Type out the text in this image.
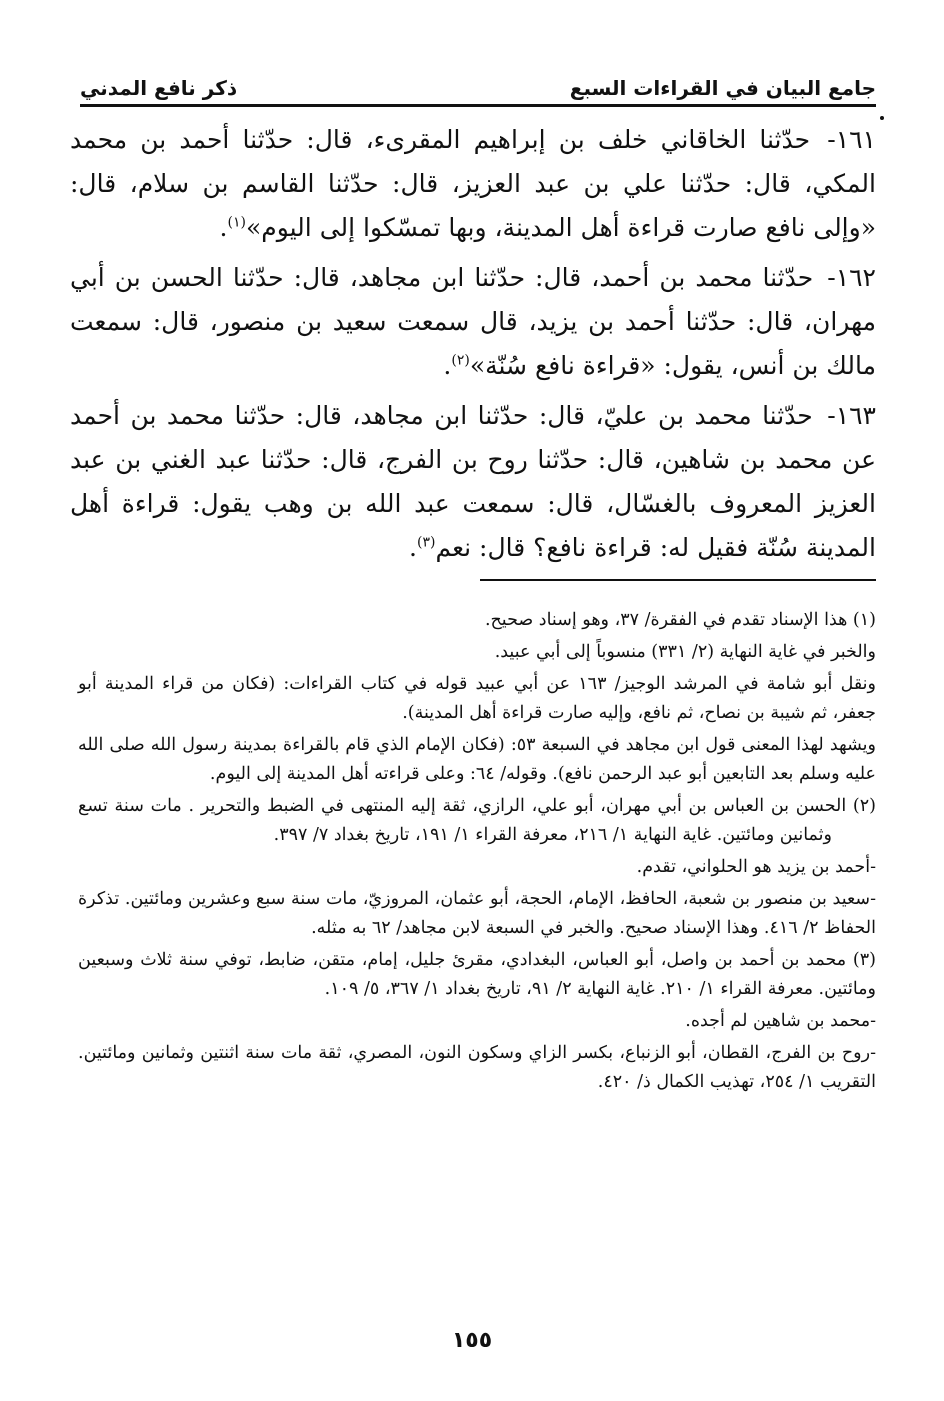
جامع البيان في القراءات السبع
ذكر نافع المدني

١٦١- حدّثنا الخاقاني خلف بن إبراهيم المقرىء، قال: حدّثنا أحمد بن محمد المكي، قال: حدّثنا علي بن عبد العزيز، قال: حدّثنا القاسم بن سلام، قال: «وإلى نافع صارت قراءة أهل المدينة، وبها تمسّكوا إلى اليوم»$^{(١)}$.

١٦٢- حدّثنا محمد بن أحمد، قال: حدّثنا ابن مجاهد، قال: حدّثنا الحسن بن أبي مهران، قال: حدّثنا أحمد بن يزيد، قال سمعت سعيد بن منصور، قال: سمعت مالك بن أنس، يقول: «قراءة نافع سُنّة»$^{(٢)}$.

١٦٣- حدّثنا محمد بن عليّ، قال: حدّثنا ابن مجاهد، قال: حدّثنا محمد بن أحمد عن محمد بن شاهين، قال: حدّثنا روح بن الفرج، قال: حدّثنا عبد الغني بن عبد العزيز المعروف بالغسّال، قال: سمعت عبد الله بن وهب يقول: قراءة أهل المدينة سُنّة فقيل له: قراءة نافع؟ قال: نعم$^{(٣)}$.

(١) هذا الإسناد تقدم في الفقرة/ ٣٧، وهو إسناد صحيح.

والخبر في غاية النهاية (٢/ ٣٣١) منسوباً إلى أبي عبيد.

ونقل أبو شامة في المرشد الوجيز/ ١٦٣ عن أبي عبيد قوله في كتاب القراءات: (فكان من قراء المدينة أبو جعفر، ثم شيبة بن نصاح، ثم نافع، وإليه صارت قراءة أهل المدينة).

ويشهد لهذا المعنى قول ابن مجاهد في السبعة ٥٣: (فكان الإمام الذي قام بالقراءة بمدينة رسول الله صلى الله عليه وسلم بعد التابعين أبو عبد الرحمن نافع). وقوله/ ٦٤: وعلى قراءته أهل المدينة إلى اليوم.

(٢) الحسن بن العباس بن أبي مهران، أبو علي، الرازي، ثقة إليه المنتهى في الضبط والتحرير . مات سنة تسع وثمانين ومائتين. غاية النهاية ١/ ٢١٦، معرفة القراء ١/ ١٩١، تاريخ بغداد ٧/ ٣٩٧.

-أحمد بن يزيد هو الحلواني، تقدم.

-سعيد بن منصور بن شعبة، الحافظ، الإمام، الحجة، أبو عثمان، المروزيّ، مات سنة سبع وعشرين ومائتين. تذكرة الحفاظ ٢/ ٤١٦. وهذا الإسناد صحيح. والخبر في السبعة لابن مجاهد/ ٦٢ به مثله.

(٣) محمد بن أحمد بن واصل، أبو العباس، البغدادي، مقرئ جليل، إمام، متقن، ضابط، توفي سنة ثلاث وسبعين ومائتين. معرفة القراء ١/ ٢١٠. غاية النهاية ٢/ ٩١، تاريخ بغداد ١/ ٣٦٧، ٥/ ١٠٩.

-محمد بن شاهين لم أجده.

-روح بن الفرج، القطان، أبو الزنباع، بكسر الزاي وسكون النون، المصري، ثقة مات سنة اثنتين وثمانين ومائتين. التقريب ١/ ٢٥٤، تهذيب الكمال ذ/ ٤٢٠.

١٥٥
